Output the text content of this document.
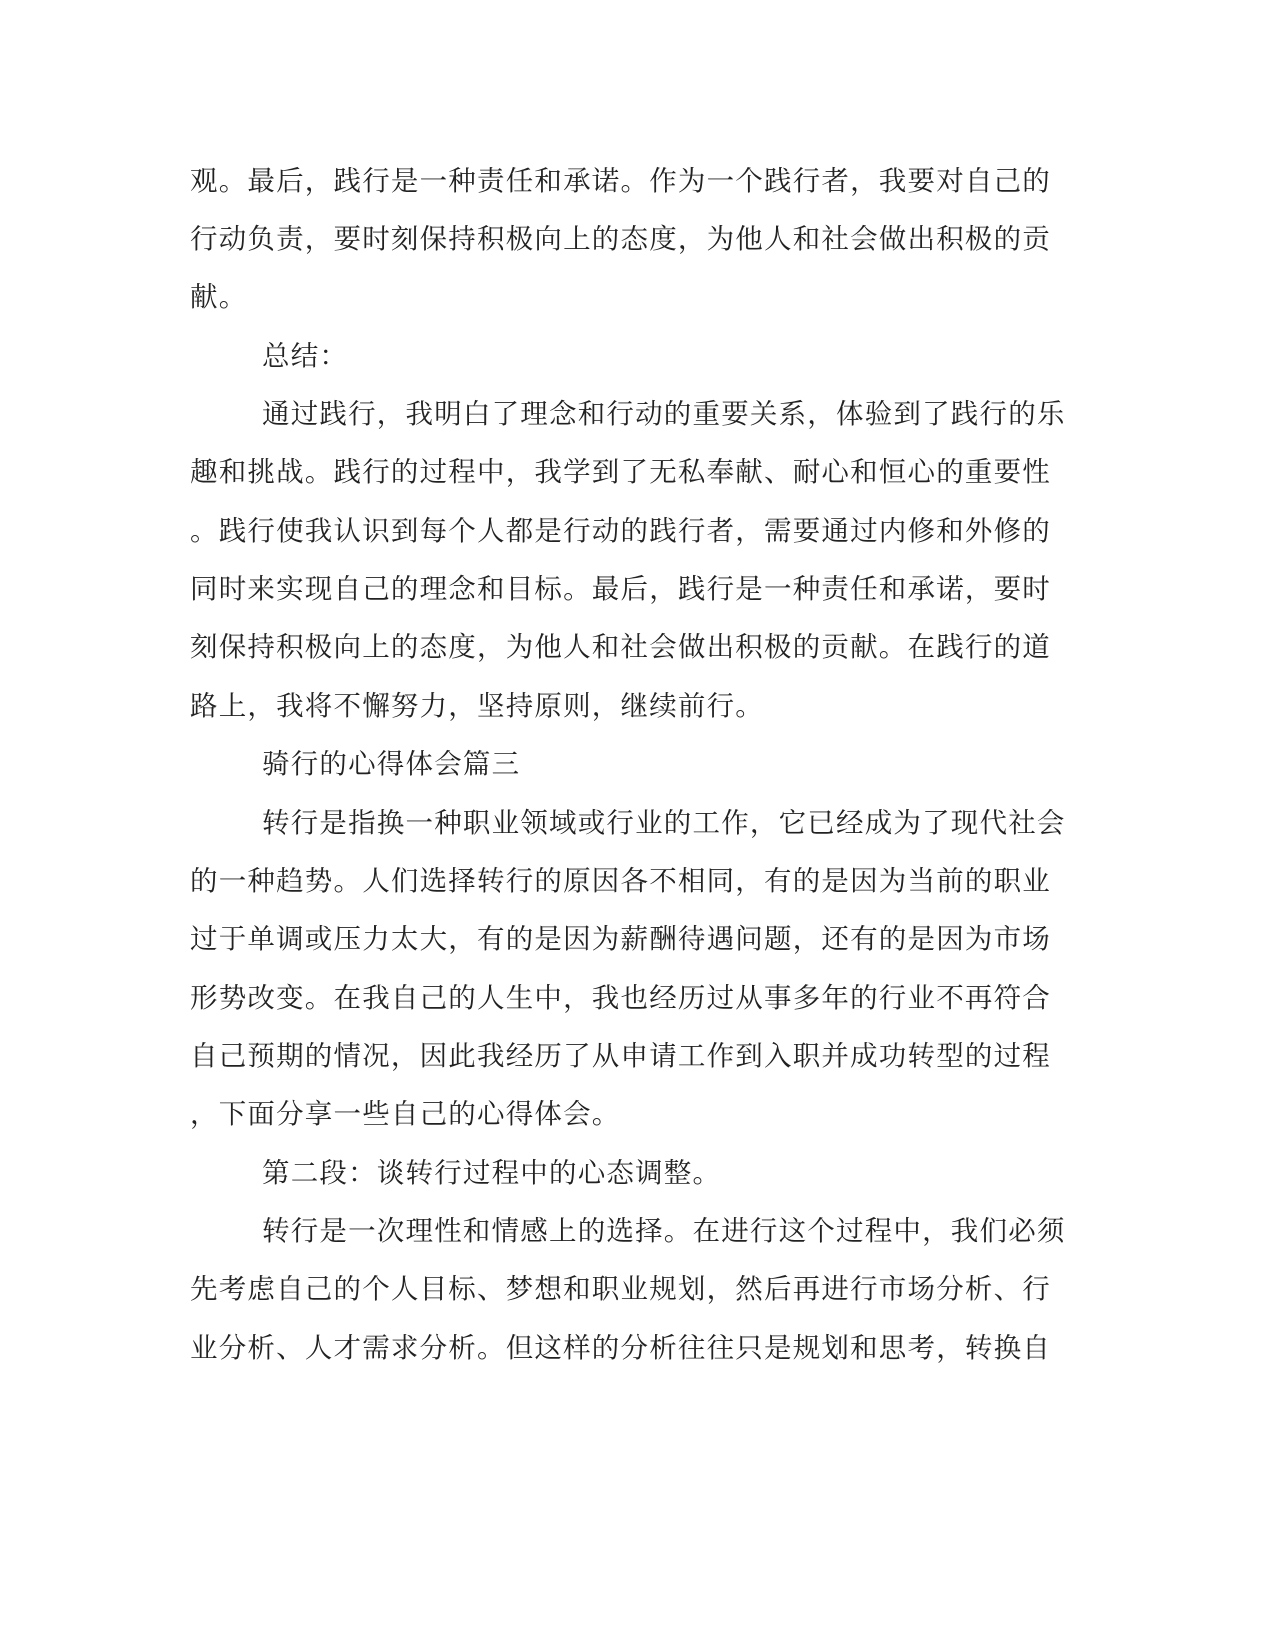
观。最后，践行是一种责任和承诺。作为一个践行者，我要对自己的
行动负责，要时刻保持积极向上的态度，为他人和社会做出积极的贡
献。
总结：
通过践行，我明白了理念和行动的重要关系，体验到了践行的乐
趣和挑战。践行的过程中，我学到了无私奉献、耐心和恒心的重要性
。践行使我认识到每个人都是行动的践行者，需要通过内修和外修的
同时来实现自己的理念和目标。最后，践行是一种责任和承诺，要时
刻保持积极向上的态度，为他人和社会做出积极的贡献。在践行的道
路上，我将不懈努力，坚持原则，继续前行。
骑行的心得体会篇三
转行是指换一种职业领域或行业的工作，它已经成为了现代社会
的一种趋势。人们选择转行的原因各不相同，有的是因为当前的职业
过于单调或压力太大，有的是因为薪酬待遇问题，还有的是因为市场
形势改变。在我自己的人生中，我也经历过从事多年的行业不再符合
自己预期的情况，因此我经历了从申请工作到入职并成功转型的过程
，下面分享一些自己的心得体会。
第二段：谈转行过程中的心态调整。
转行是一次理性和情感上的选择。在进行这个过程中，我们必须
先考虑自己的个人目标、梦想和职业规划，然后再进行市场分析、行
业分析、人才需求分析。但这样的分析往往只是规划和思考，转换自
